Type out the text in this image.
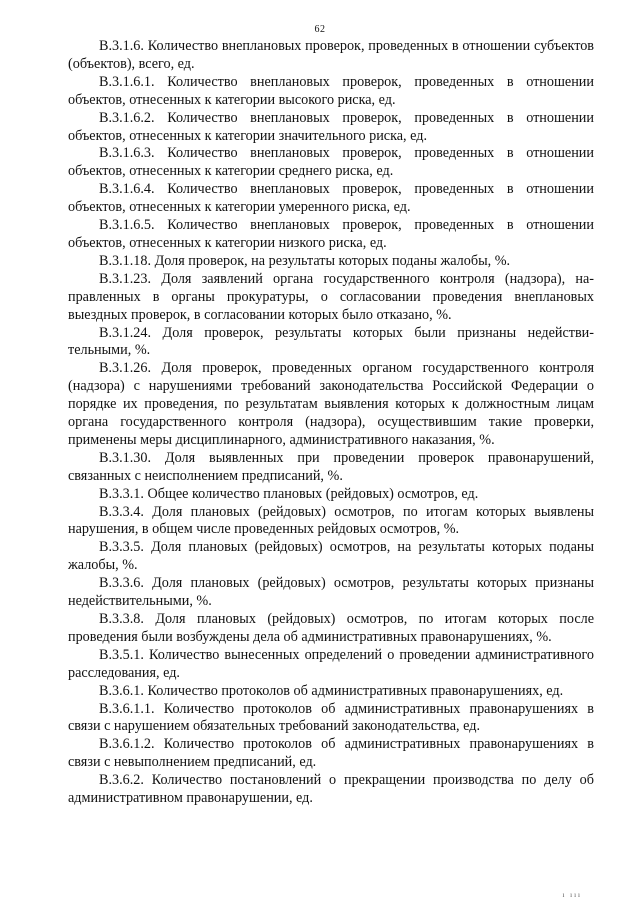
62

В.3.1.6. Количество внеплановых проверок, проведенных в отношении субъектов (объектов), всего, ед.

В.3.1.6.1. Количество внеплановых проверок, проведенных в отношении объектов, отнесенных к категории высокого риска, ед.

В.3.1.6.2. Количество внеплановых проверок, проведенных в отношении объектов, отнесенных к категории значительного риска, ед.

В.3.1.6.3. Количество внеплановых проверок, проведенных в отношении объектов, отнесенных к категории среднего риска, ед.

В.3.1.6.4. Количество внеплановых проверок, проведенных в отношении объектов, отнесенных к категории умеренного риска, ед.

В.3.1.6.5. Количество внеплановых проверок, проведенных в отношении объектов, отнесенных к категории низкого риска, ед.

В.3.1.18. Доля проверок, на результаты которых поданы жалобы, %.

В.3.1.23. Доля заявлений органа государственного контроля (надзора), направленных в органы прокуратуры, о согласовании проведения внеплановых выездных проверок, в согласовании которых было отказано, %.

В.3.1.24. Доля проверок, результаты которых были признаны недействительными, %.

В.3.1.26. Доля проверок, проведенных органом государственного контроля (надзора) с нарушениями требований законодательства Российской Федерации о порядке их проведения, по результатам выявления которых к должностным лицам органа государственного контроля (надзора), осуществившим такие проверки, применены меры дисциплинарного, административного наказания, %.

В.3.1.30. Доля выявленных при проведении проверок правонарушений, связанных с неисполнением предписаний, %.

В.3.3.1. Общее количество плановых (рейдовых) осмотров, ед.

В.3.3.4. Доля плановых (рейдовых) осмотров, по итогам которых выявлены нарушения, в общем числе проведенных рейдовых осмотров, %.

В.3.3.5. Доля плановых (рейдовых) осмотров, на результаты которых поданы жалобы, %.

В.3.3.6. Доля плановых (рейдовых) осмотров, результаты которых признаны недействительными, %.

В.3.3.8. Доля плановых (рейдовых) осмотров, по итогам которых после проведения были возбуждены дела об административных правонарушениях, %.

В.3.5.1. Количество вынесенных определений о проведении административного расследования, ед.

В.3.6.1. Количество протоколов об административных правонарушениях, ед.

В.3.6.1.1. Количество протоколов об административных правонарушениях в связи с нарушением обязательных требований законодательства, ед.

В.3.6.1.2. Количество протоколов об административных правонарушениях в связи с невыполнением предписаний, ед.

В.3.6.2. Количество постановлений о прекращении производства по делу об административном правонарушении, ед.

ı ııı
